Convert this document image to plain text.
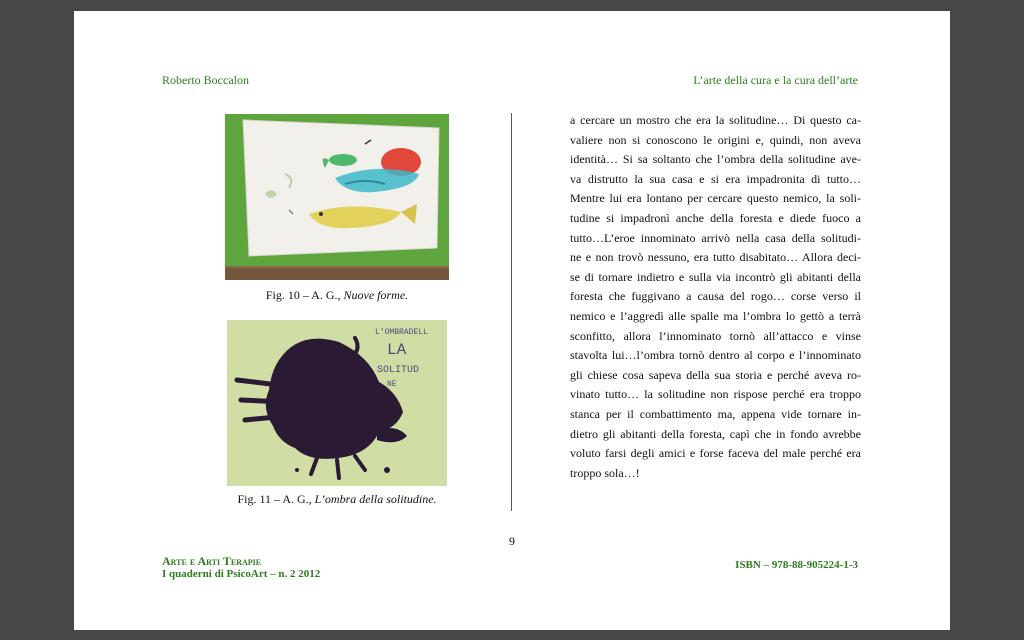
Roberto Boccalon	L’arte della cura e la cura dell’arte
Fig. 10 – A. G., Nuove forme.
L'OMBRADELL
LA
SOLITUD
NE
Fig. 11 – A. G., L’ombra della solitudine.
a cercare un mostro che era la solitudine… Di questo ca-
valiere non si conoscono le origini e, quindi, non aveva
identità… Si sa soltanto che l’ombra della solitudine ave-
va distrutto la sua casa e si era impadronita di tutto…
Mentre lui era lontano per cercare questo nemico, la soli-
tudine si impadronì anche della foresta e diede fuoco a
tutto…L’eroe innominato arrivò nella casa della solitudi-
ne e non trovò nessuno, era tutto disabitato… Allora deci-
se di tornare indietro e sulla via incontrò gli abitanti della
foresta che fuggivano a causa del rogo… corse verso il
nemico e l’aggredì alle spalle ma l’ombra lo gettò a terrà
sconfitto, allora l’innominato tornò all’attacco e vinse
stavolta lui…l’ombra tornò dentro al corpo e l’innominato
gli chiese cosa sapeva della sua storia e perché aveva ro-
vinato tutto… la solitudine non rispose perché era troppo
stanca per il combattimento ma, appena vide tornare in-
dietro gli abitanti della foresta, capì che in fondo avrebbe
voluto farsi degli amici e forse faceva del male perché era
troppo sola…!
9
Arte e Arti Terapie
I quaderni di PsicoArt – n. 2 2012
ISBN – 978-88-905224-1-3
